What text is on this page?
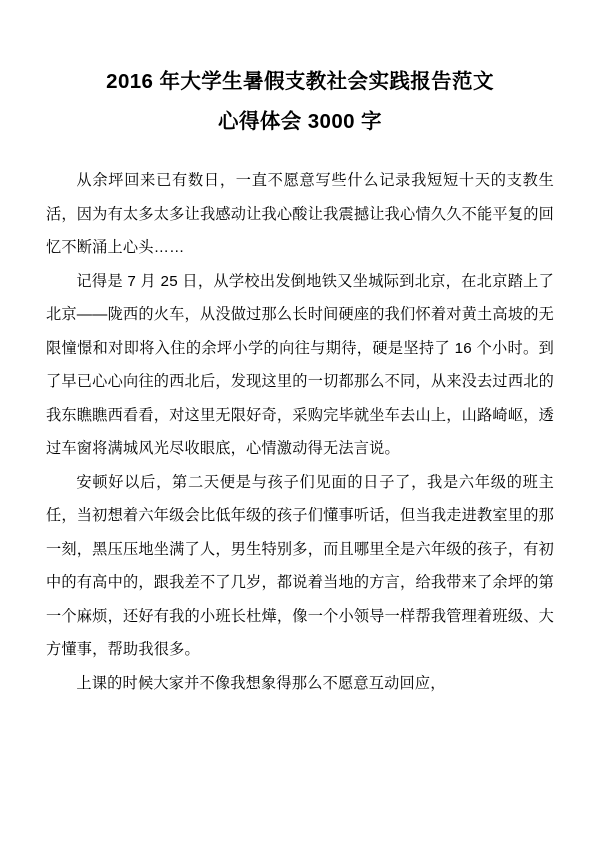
2016 年大学生暑假支教社会实践报告范文
心得体会 3000 字

从余坪回来已有数日，一直不愿意写些什么记录我短短十天的支教生活，因为有太多太多让我感动让我心酸让我震撼让我心情久久不能平复的回忆不断涌上心头……

记得是 7 月 25 日，从学校出发倒地铁又坐城际到北京，在北京踏上了北京——陇西的火车，从没做过那么长时间硬座的我们怀着对黄土高坡的无限憧憬和对即将入住的余坪小学的向往与期待，硬是坚持了 16 个小时。到了早已心心向往的西北后，发现这里的一切都那么不同，从来没去过西北的我东瞧瞧西看看，对这里无限好奇，采购完毕就坐车去山上，山路崎岖，透过车窗将满城风光尽收眼底，心情激动得无法言说。

安顿好以后，第二天便是与孩子们见面的日子了，我是六年级的班主任，当初想着六年级会比低年级的孩子们懂事听话，但当我走进教室里的那一刻，黑压压地坐满了人，男生特别多，而且哪里全是六年级的孩子，有初中的有高中的，跟我差不了几岁，都说着当地的方言，给我带来了余坪的第一个麻烦，还好有我的小班长杜燁，像一个小领导一样帮我管理着班级、大方懂事，帮助我很多。

上课的时候大家并不像我想象得那么不愿意互动回应，
